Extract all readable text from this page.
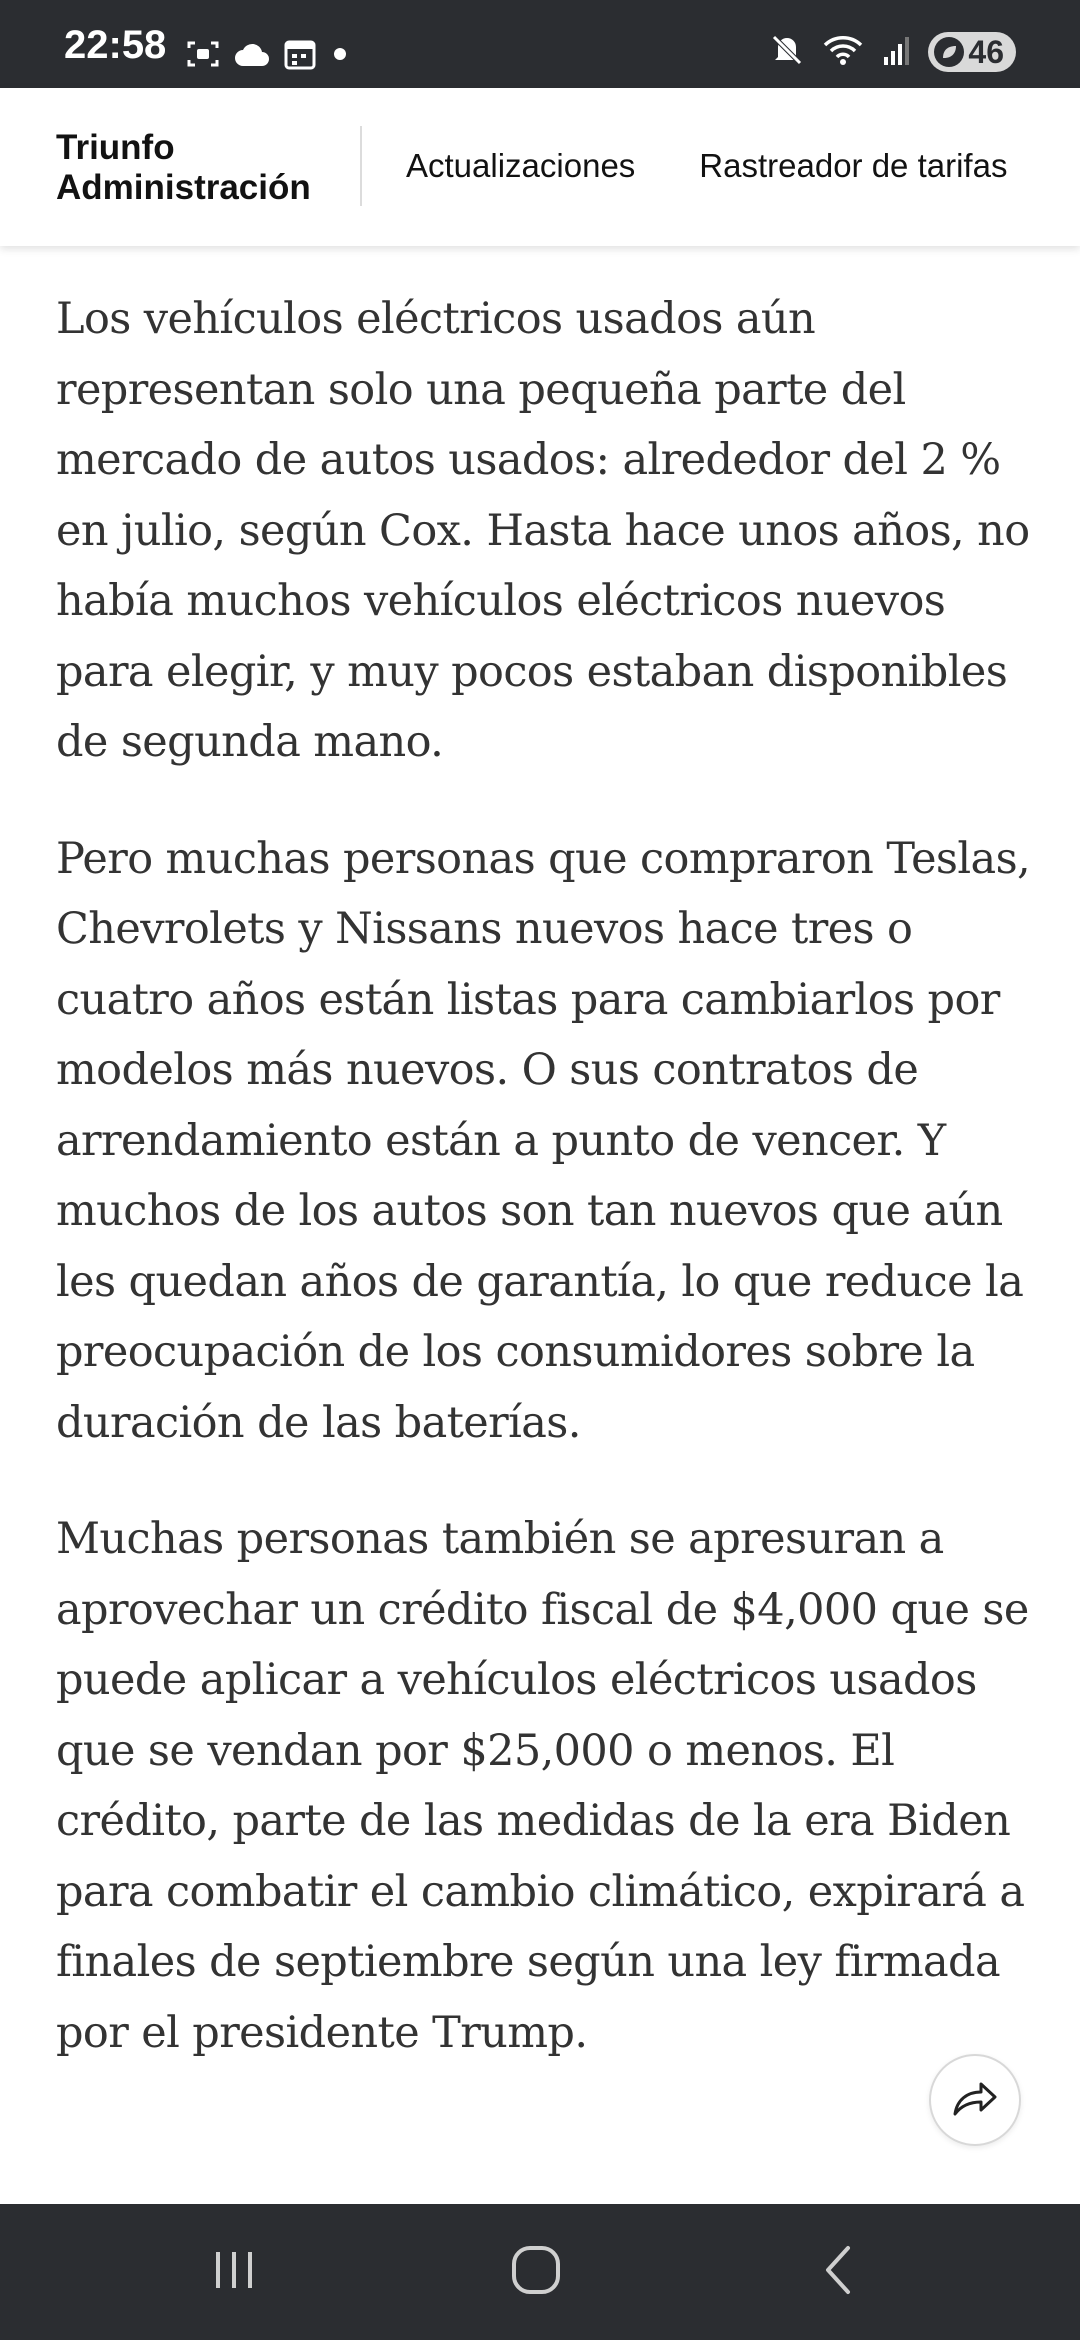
22:58	46
Triunfo
Administración
Actualizaciones Rastreador de tarifas

Los vehículos eléctricos usados aún representan solo una pequeña parte del mercado de autos usados: alrededor del 2 % en julio, según Cox. Hasta hace unos años, no había muchos vehículos eléctricos nuevos para elegir, y muy pocos estaban disponibles de segunda mano.

Pero muchas personas que compraron Teslas, Chevrolets y Nissans nuevos hace tres o cuatro años están listas para cambiarlos por modelos más nuevos. O sus contratos de arrendamiento están a punto de vencer. Y muchos de los autos son tan nuevos que aún les quedan años de garantía, lo que reduce la preocupación de los consumidores sobre la duración de las baterías.

Muchas personas también se apresuran a aprovechar un crédito fiscal de $4,000 que se puede aplicar a vehículos eléctricos usados que se vendan por $25,000 o menos. El crédito, parte de las medidas de la era Biden para combatir el cambio climático, expirará a finales de septiembre según una ley firmada por el presidente Trump.
